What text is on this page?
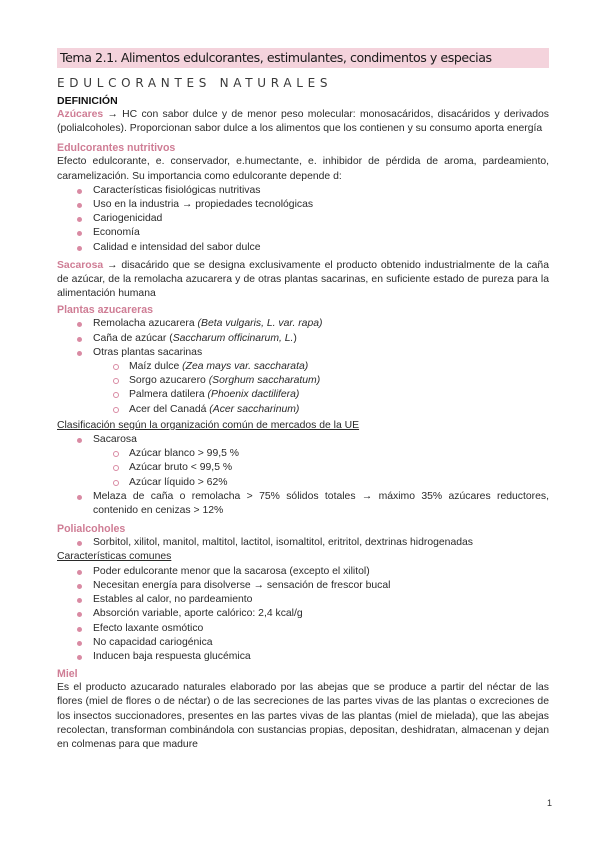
Tema 2.1. Alimentos edulcorantes, estimulantes, condimentos y especias
EDULCORANTES NATURALES
DEFINICIÓN
Azúcares → HC con sabor dulce y de menor peso molecular: monosacáridos, disacáridos y derivados (polialcoholes). Proporcionan sabor dulce a los alimentos que los contienen y su consumo aporta energía
Edulcorantes nutritivos
Efecto edulcorante, e. conservador, e.humectante, e. inhibidor de pérdida de aroma, pardeamiento, caramelización. Su importancia como edulcorante depende d:
Características fisiológicas nutritivas
Uso en la industria → propiedades tecnológicas
Cariogenicidad
Economía
Calidad e intensidad del sabor dulce
Sacarosa → disacárido que se designa exclusivamente el producto obtenido industrialmente de la caña de azúcar, de la remolacha azucarera y de otras plantas sacarinas, en suficiente estado de pureza para la alimentación humana
Plantas azucareras
Remolacha azucarera (Beta vulgaris, L. var. rapa)
Caña de azúcar (Saccharum officinarum, L.)
Otras plantas sacarinas
Maíz dulce (Zea mays var. saccharata)
Sorgo azucarero (Sorghum saccharatum)
Palmera datilera (Phoenix dactilifera)
Acer del Canadá (Acer saccharinum)
Clasificación según la organización común de mercados de la UE
Sacarosa
Azúcar blanco > 99,5 %
Azúcar bruto < 99,5 %
Azúcar líquido > 62%
Melaza de caña o remolacha > 75% sólidos totales → máximo 35% azúcares reductores, contenido en cenizas > 12%
Polialcoholes
Sorbitol, xilitol, manitol, maltitol, lactitol, isomaltitol, eritritol, dextrinas hidrogenadas
Características comunes
Poder edulcorante menor que la sacarosa (excepto el xilitol)
Necesitan energía para disolverse → sensación de frescor bucal
Estables al calor, no pardeamiento
Absorción variable, aporte calórico: 2,4 kcal/g
Efecto laxante osmótico
No capacidad cariogénica
Inducen baja respuesta glucémica
Miel
Es el producto azucarado naturales elaborado por las abejas que se produce a partir del néctar de las flores (miel de flores o de néctar) o de las secreciones de las partes vivas de las plantas o excreciones de los insectos succionadores, presentes en las partes vivas de las plantas (miel de mielada), que las abejas recolectan, transforman combinándola con sustancias propias, depositan, deshidratan, almacenan y dejan en colmenas para que madure
1
